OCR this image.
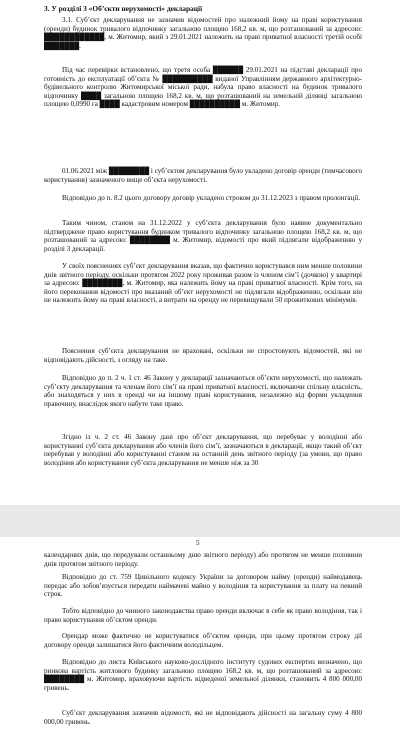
3. У розділі 3 «Об’єкти нерухомості» декларації

3.1. Суб’єкт декларування не зазначив відомостей про належний йому на праві користування (оренди) будинок тривалого відпочинку загальною площею 168,2 кв. м, що розташований за адресою: ████████████, м. Житомир, який з 29.01.2021 належить на праві приватної власності третій особі ███████.

Під час перевірки встановлено, що третя особа ██████ 29.01.2021 на підставі декларації про готовність до експлуатації об’єкта № ██████████ виданої Управлінням державного архітектурно-будівельного контролю Житомирської міської ради, набула право власності на будинок тривалого відпочинку ████ загальною площею 168,2 кв. м, що розташований на земельній ділянці загальною площею 0,0990 га ████ кадастровим номером ██████████ м. Житомир.

01.06.2021 між ████████ і суб’єктом декларування було укладено договір оренди (тимчасового користування) зазначеного вище об’єкта нерухомості.

Відповідно до п. 8.2 цього договору договір укладено строком до 31.12.2023 з правом пролонгації.

Таким чином, станом на 31.12.2022 у суб’єкта декларування було наявне документально підтверджене право користування будинком тривалого відпочинку загальною площею 168,2 кв. м, що розташований за адресою: ████████ м. Житомир, відомості про який підлягали відображенню у розділі 3 декларації.

У своїх поясненнях суб’єкт декларування вказав, що фактично користувався ним менше половини днів звітного періоду, оскільки протягом 2022 року проживав разом із членом сім’ї (дочкою) у квартирі за адресою: ████████, м. Житомир, яка належить йому на праві приватної власності. Крім того, на його переконання відомості про вказаний об’єкт нерухомості не підлягали відображенню, оскільки він не належить йому на праві власності, а витрати на оренду не перевищували 50 прожиткових мінімумів.

Пояснення суб’єкта декларування не враховані, оскільки не спростовують відомостей, які не відповідають дійсності, з огляду на таке.

Відповідно до п. 2 ч. 1 ст. 46 Закону у декларації зазначаються об’єкти нерухомості, що належать суб’єкту декларування та членам його сім’ї на праві приватної власності, включаючи спільну власність, або знаходяться у них в оренді чи на іншому праві користування, незалежно від форми укладення правочину, внаслідок якого набуте таке право.

Згідно із ч. 2 ст. 46 Закону дані про об’єкт декларування, що перебуває у володінні або користуванні суб’єкта декларування або членів його сім’ї, зазначаються в декларації, якщо такий об’єкт перебував у володінні або користуванні станом на останній день звітного періоду (за умови, що право володіння або користування суб’єкта декларування не менше ніж за 30

5

календарних днів, що передували останньому дню звітного періоду) або протягом не менше половини днів протягом звітного періоду.

Відповідно до ст. 759 Цивільного кодексу України за договором найму (оренди) наймодавець передає або зобов’язується передати наймачеві майно у володіння та користування за плату на певний строк.

Тобто відповідно до чинного законодавства право оренди включає в себе як право володіння, так і право користування об’єктом оренди.

Орендар може фактично не користуватися об’єктом оренди, при цьому протягом строку дії договору оренди залишатися його фактичним володільцем.

Відповідно до листа Київського науково-дослідного інституту судових експертиз визначено, що ринкова вартість житлового будинку загальною площею 168,2 кв. м, що розташований за адресою: ████████ м. Житомир, враховуючи вартість відведеної земельної ділянки, становить 4 800 000,00 гривень.

Суб’єкт декларування зазначив відомості, які не відповідають дійсності на загальну суму 4 800 000,00 гривень.
